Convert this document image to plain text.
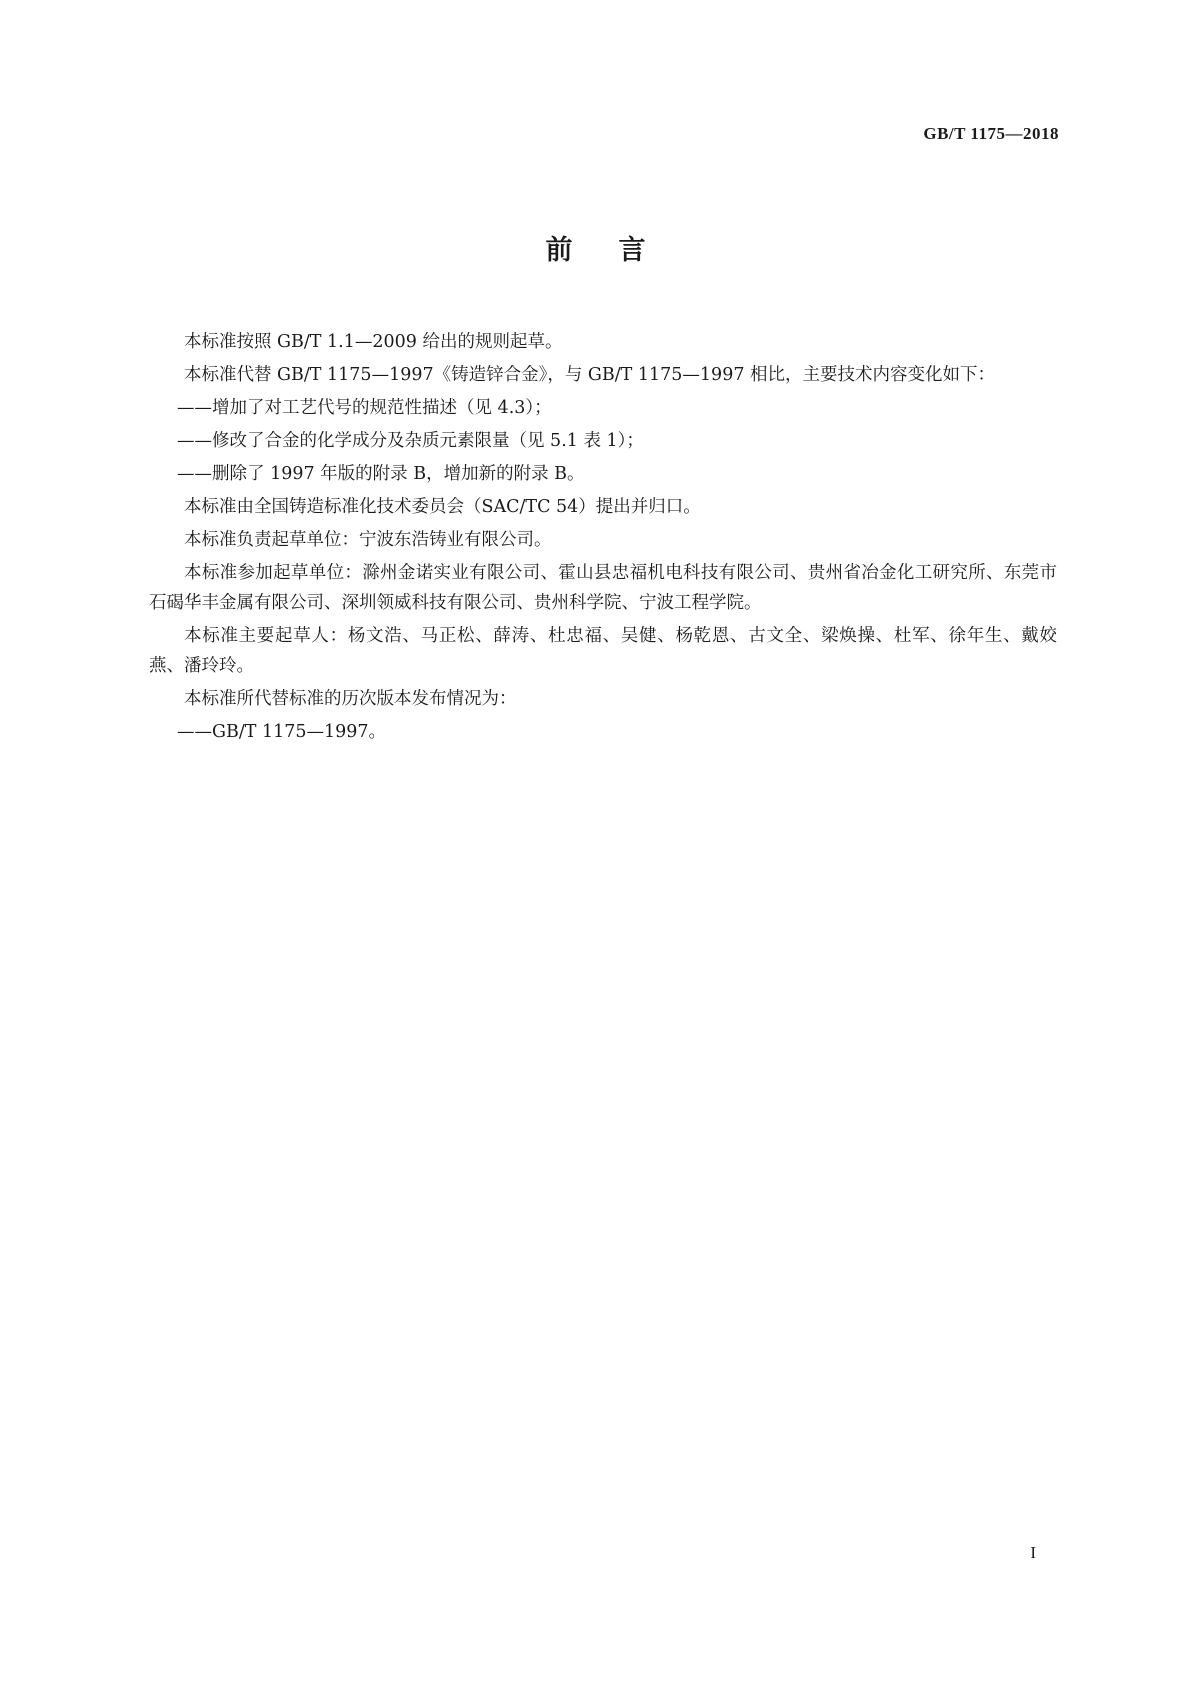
GB/T 1175—2018
前言

本标准按照 GB/T 1.1—2009 给出的规则起草。

本标准代替 GB/T 1175—1997《铸造锌合金》，与 GB/T 1175—1997 相比，主要技术内容变化如下：

——增加了对工艺代号的规范性描述（见 4.3）；

——修改了合金的化学成分及杂质元素限量（见 5.1 表 1）；

——删除了 1997 年版的附录 B，增加新的附录 B。

本标准由全国铸造标准化技术委员会（SAC/TC 54）提出并归口。

本标准负责起草单位：宁波东浩铸业有限公司。

本标准参加起草单位：滁州金诺实业有限公司、霍山县忠福机电科技有限公司、贵州省冶金化工研究所、东莞市石碣华丰金属有限公司、深圳领威科技有限公司、贵州科学院、宁波工程学院。

本标准主要起草人：杨文浩、马正松、薛涛、杜忠福、吴健、杨乾恩、古文全、梁焕操、杜军、徐年生、戴姣燕、潘玲玲。

本标准所代替标准的历次版本发布情况为：

——GB/T 1175—1997。

I
